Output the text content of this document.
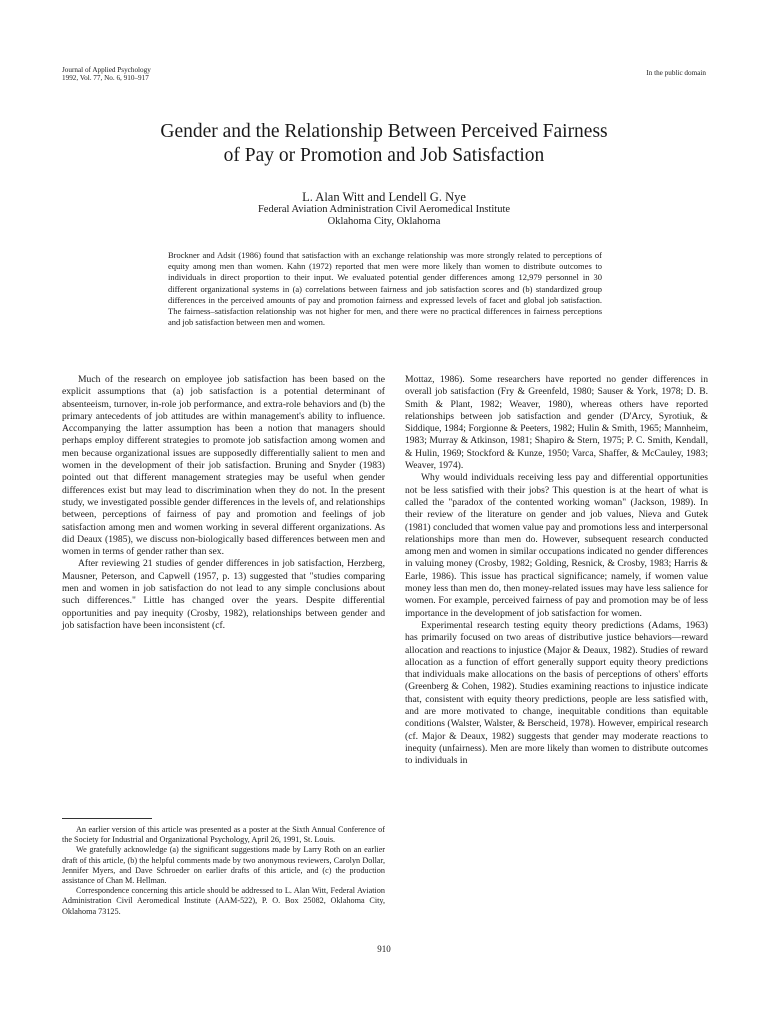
Journal of Applied Psychology
1992, Vol. 77, No. 6, 910–917
In the public domain
Gender and the Relationship Between Perceived Fairness
of Pay or Promotion and Job Satisfaction
L. Alan Witt and Lendell G. Nye
Federal Aviation Administration Civil Aeromedical Institute
Oklahoma City, Oklahoma
Brockner and Adsit (1986) found that satisfaction with an exchange relationship was more strongly related to perceptions of equity among men than women. Kahn (1972) reported that men were more likely than women to distribute outcomes to individuals in direct proportion to their input. We evaluated potential gender differences among 12,979 personnel in 30 different organizational systems in (a) correlations between fairness and job satisfaction scores and (b) standardized group differences in the perceived amounts of pay and promotion fairness and expressed levels of facet and global job satisfaction. The fairness–satisfaction relationship was not higher for men, and there were no practical differences in fairness perceptions and job satisfaction between men and women.

Much of the research on employee job satisfaction has been based on the explicit assumptions that (a) job satisfaction is a potential determinant of absenteeism, turnover, in-role job performance, and extra-role behaviors and (b) the primary antecedents of job attitudes are within management's ability to influence. Accompanying the latter assumption has been a notion that managers should perhaps employ different strategies to promote job satisfaction among women and men because organizational issues are supposedly differentially salient to men and women in the development of their job satisfaction. Bruning and Snyder (1983) pointed out that different management strategies may be useful when gender differences exist but may lead to discrimination when they do not. In the present study, we investigated possible gender differences in the levels of, and relationships between, perceptions of fairness of pay and promotion and feelings of job satisfaction among men and women working in several different organizations. As did Deaux (1985), we discuss non-biologically based differences between men and women in terms of gender rather than sex.

After reviewing 21 studies of gender differences in job satisfaction, Herzberg, Mausner, Peterson, and Capwell (1957, p. 13) suggested that "studies comparing men and women in job satisfaction do not lead to any simple conclusions about such differences." Little has changed over the years. Despite differential opportunities and pay inequity (Crosby, 1982), relationships between gender and job satisfaction have been inconsistent (cf.

Mottaz, 1986). Some researchers have reported no gender differences in overall job satisfaction (Fry & Greenfeld, 1980; Sauser & York, 1978; D. B. Smith & Plant, 1982; Weaver, 1980), whereas others have reported relationships between job satisfaction and gender (D'Arcy, Syrotiuk, & Siddique, 1984; Forgionne & Peeters, 1982; Hulin & Smith, 1965; Mannheim, 1983; Murray & Atkinson, 1981; Shapiro & Stern, 1975; P. C. Smith, Kendall, & Hulin, 1969; Stockford & Kunze, 1950; Varca, Shaffer, & McCauley, 1983; Weaver, 1974).

Why would individuals receiving less pay and differential opportunities not be less satisfied with their jobs? This question is at the heart of what is called the "paradox of the contented working woman" (Jackson, 1989). In their review of the literature on gender and job values, Nieva and Gutek (1981) concluded that women value pay and promotions less and interpersonal relationships more than men do. However, subsequent research conducted among men and women in similar occupations indicated no gender differences in valuing money (Crosby, 1982; Golding, Resnick, & Crosby, 1983; Harris & Earle, 1986). This issue has practical significance; namely, if women value money less than men do, then money-related issues may have less salience for women. For example, perceived fairness of pay and promotion may be of less importance in the development of job satisfaction for women.

Experimental research testing equity theory predictions (Adams, 1963) has primarily focused on two areas of distributive justice behaviors—reward allocation and reactions to injustice (Major & Deaux, 1982). Studies of reward allocation as a function of effort generally support equity theory predictions that individuals make allocations on the basis of perceptions of others' efforts (Greenberg & Cohen, 1982). Studies examining reactions to injustice indicate that, consistent with equity theory predictions, people are less satisfied with, and are more motivated to change, inequitable conditions than equitable conditions (Walster, Walster, & Berscheid, 1978). However, empirical research (cf. Major & Deaux, 1982) suggests that gender may moderate reactions to inequity (unfairness). Men are more likely than women to distribute outcomes to individuals in

An earlier version of this article was presented as a poster at the Sixth Annual Conference of the Society for Industrial and Organizational Psychology, April 26, 1991, St. Louis.

We gratefully acknowledge (a) the significant suggestions made by Larry Roth on an earlier draft of this article, (b) the helpful comments made by two anonymous reviewers, Carolyn Dollar, Jennifer Myers, and Dave Schroeder on earlier drafts of this article, and (c) the production assistance of Chan M. Hellman.

Correspondence concerning this article should be addressed to L. Alan Witt, Federal Aviation Administration Civil Aeromedical Institute (AAM-522), P. O. Box 25082, Oklahoma City, Oklahoma 73125.

910
